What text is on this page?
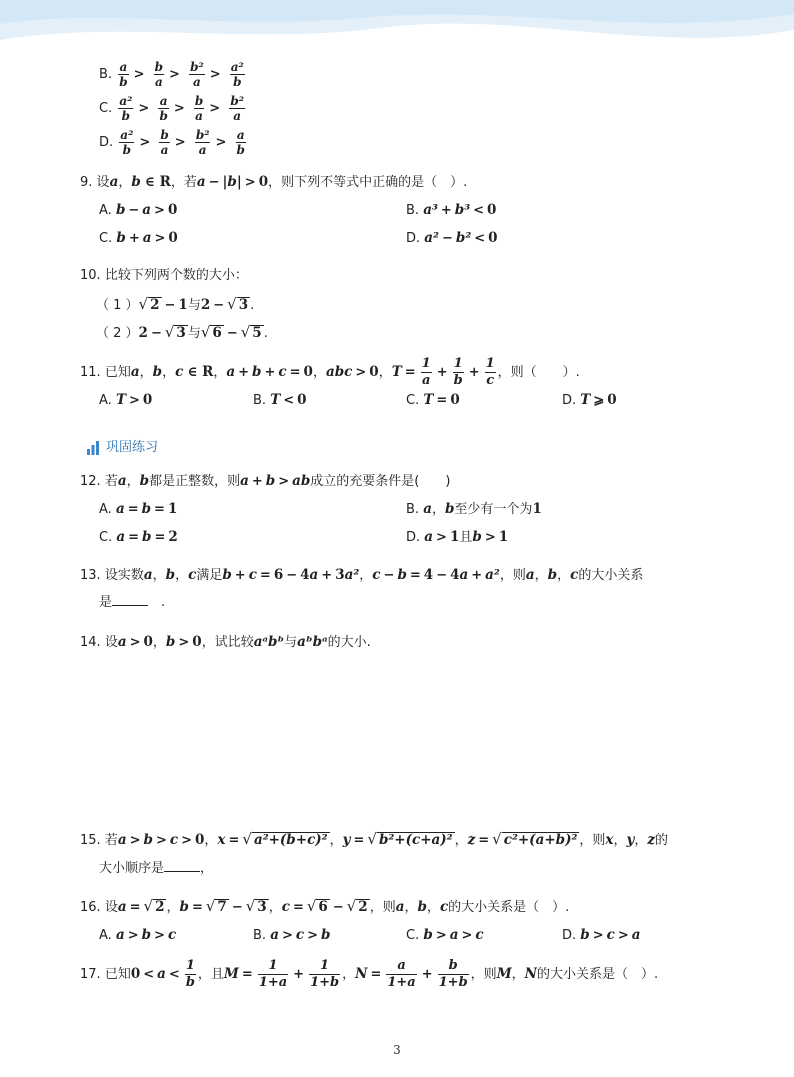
B. $\frac{a}{b} > \frac{b}{a} > \frac{\text{b²}}{a} > \frac{\text{a²}}{b}$
C. $\frac{\text{a²}}{b} > \frac{a}{b} > \frac{b}{a} > \frac{\text{b²}}{a}$
D. $\frac{\text{a²}}{b} > \frac{b}{a} > \frac{\text{b²}}{a} > \frac{a}{b}$
9. 设a，b ∈ R，若a − |b| > 0，则下列不等式中正确的是（　）.
A. b − a > 0	B. a³ + b³ < 0
C. b + a > 0	D. a² − b² < 0
10. 比较下列两个数的大小：
（ 1 ）√ 2 − 1与2 − √ 3 .
（ 2 ）2 − √ 3 与√ 6 − √ 5 .
11. 已知a，b，c ∈ R，a + b + c = 0，abc > 0，$T = \frac{1}{a} + \frac{1}{b} + \frac{1}{c}$ ，则（　　）.
A. T > 0	B. T < 0	C. T = 0	D. T ⩾ 0
巩固练习
12. 若a，b都是正整数，则a + b > ab成立的充要条件是(　　)
A. a = b = 1	B. a，b至少有一个为1
C. a = b = 2	D. a > 1且b > 1
13. 设实数a，b，c满足b + c = 6 − 4a + 3a²，c − b = 4 − 4a + a²，则a，b，c的大小关系
是	　.
14. 设a > 0，b > 0，试比较aᵃbᵇ与aᵇbᵃ的大小.
15. 若a > b > c > 0，x = √ a²+(b+c)² ，y = √ b²+(c+a)² ，z = √ c²+(a+b)² ，则x，y，z的
大小顺序是	，
16. 设a = √ 2 ，b = √ 7 − √ 3 ，c = √ 6 − √ 2 ，则a，b，c的大小关系是（　）.
A. a > b > c	B. a > c > b	C. b > a > c	D. b > c > a
17. 已知$0 < a < \frac{1}{b}$ ，且$M = \frac{1}{1+a} + \frac{1}{1+b}$ ，$N = \frac{a}{1+a} + \frac{b}{1+b}$ ，则M，N的大小关系是（　）.
3
